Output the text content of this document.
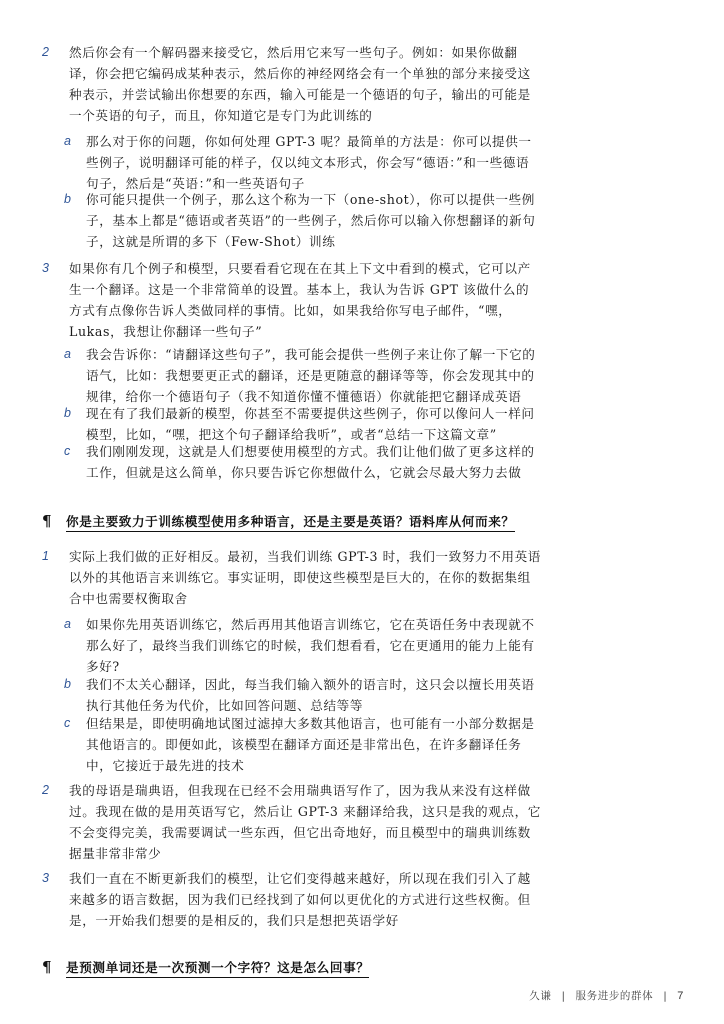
2 然后你会有一个解码器来接受它，然后用它来写一些句子。例如：如果你做翻译，你会把它编码成某种表示，然后你的神经网络会有一个单独的部分来接受这种表示，并尝试输出你想要的东西，输入可能是一个德语的句子，输出的可能是一个英语的句子，而且，你知道它是专门为此训练的
a 那么对于你的问题，你如何处理 GPT-3 呢？最简单的方法是：你可以提供一些例子，说明翻译可能的样子，仅以纯文本形式，你会写“德语：”和一些德语句子，然后是“英语：”和一些英语句子
b 你可能只提供一个例子，那么这个称为一下（one-shot），你可以提供一些例子，基本上都是“德语或者英语”的一些例子，然后你可以输入你想翻译的新句子，这就是所谓的多下（Few-Shot）训练
3 如果你有几个例子和模型，只要看看它现在在其上下文中看到的模式，它可以产生一个翻译。这是一个非常简单的设置。基本上，我认为告诉 GPT 该做什么的方式有点像你告诉人类做同样的事情。比如，如果我给你写电子邮件，“嘿，Lukas，我想让你翻译一些句子”
a 我会告诉你：“请翻译这些句子”，我可能会提供一些例子来让你了解一下它的语气，比如：我想要更正式的翻译，还是更随意的翻译等等，你会发现其中的规律，给你一个德语句子（我不知道你懂不懂德语）你就能把它翻译成英语
b 现在有了我们最新的模型，你甚至不需要提供这些例子，你可以像问人一样问模型，比如，“嘿，把这个句子翻译给我听”，或者“总结一下这篇文章”
c 我们刚刚发现，这就是人们想要使用模型的方式。我们让他们做了更多这样的工作，但就是这么简单，你只要告诉它你想做什么，它就会尽最大努力去做
¶	你是主要致力于训练模型使用多种语言，还是主要是英语？语料库从何而来？
1 实际上我们做的正好相反。最初，当我们训练 GPT-3 时，我们一致努力不用英语以外的其他语言来训练它。事实证明，即使这些模型是巨大的，在你的数据集组合中也需要权衡取舍
a 如果你先用英语训练它，然后再用其他语言训练它，它在英语任务中表现就不那么好了，最终当我们训练它的时候，我们想看看，它在更通用的能力上能有多好?
b 我们不太关心翻译，因此，每当我们输入额外的语言时，这只会以擅长用英语执行其他任务为代价，比如回答问题、总结等等
c 但结果是，即使明确地试图过滤掉大多数其他语言，也可能有一小部分数据是其他语言的。即便如此，该模型在翻译方面还是非常出色，在许多翻译任务中，它接近于最先进的技术
2 我的母语是瑞典语，但我现在已经不会用瑞典语写作了，因为我从来没有这样做过。我现在做的是用英语写它，然后让 GPT-3 来翻译给我，这只是我的观点，它不会变得完美，我需要调试一些东西，但它出奇地好，而且模型中的瑞典训练数据量非常非常少
3 我们一直在不断更新我们的模型，让它们变得越来越好，所以现在我们引入了越来越多的语言数据，因为我们已经找到了如何以更优化的方式进行这些权衡。但是，一开始我们想要的是相反的，我们只是想把英语学好
¶	是预测单词还是一次预测一个字符？这是怎么回事？
久谦 | 服务进步的群体 | 7
